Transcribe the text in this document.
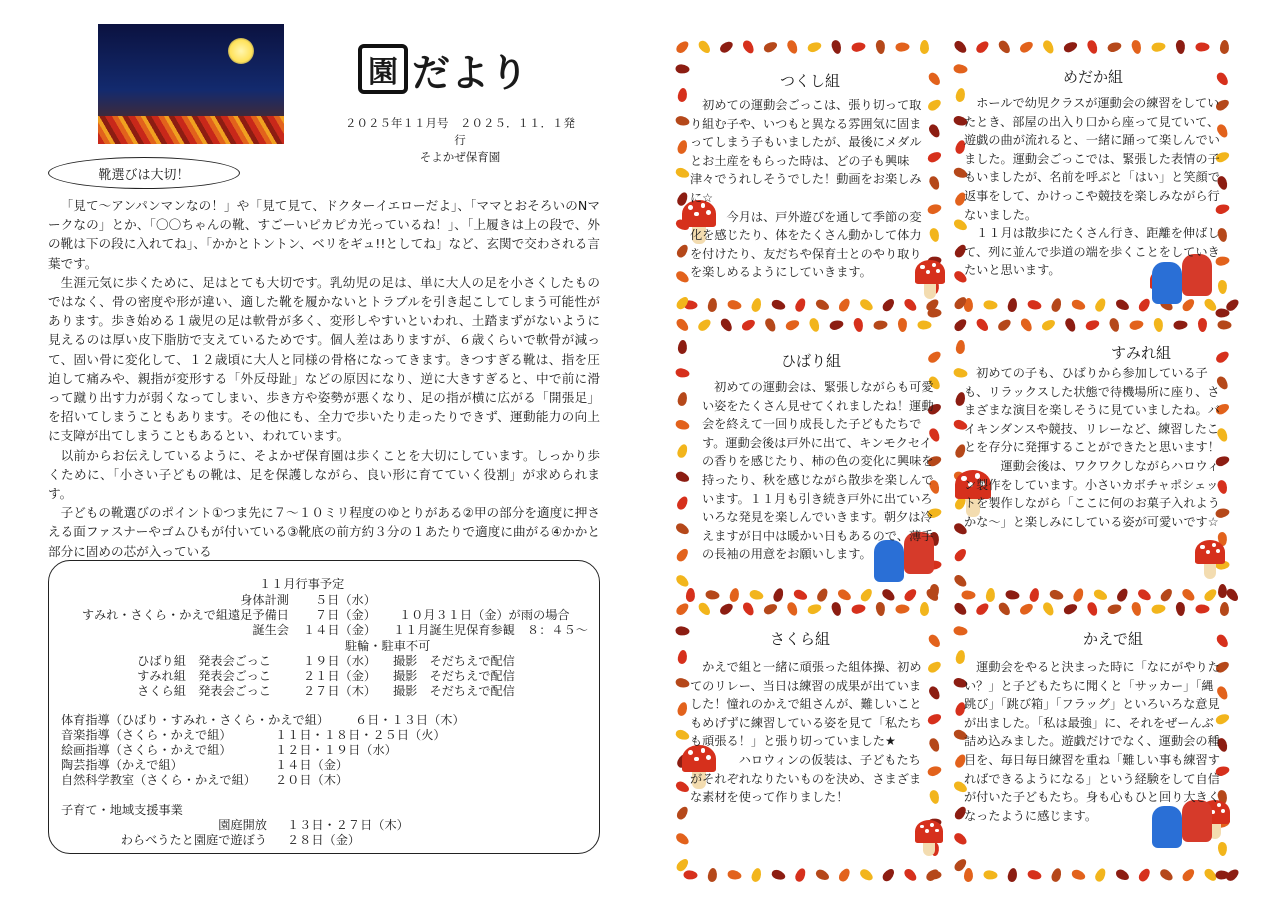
園 だより
２０２５年１１月号　２０２５．１１．１発行
そよかぜ保育園
靴選びは大切！

「見て～アンパンマンなの！」や「見て見て、ドクターイエローだよ」、「ママとおそろいのNマークなの」とか、「〇〇ちゃんの靴、すごーいピカピカ光っているね！」、「上履きは上の段で、外の靴は下の段に入れてね」、「かかとトントン、ベリをギュ!!としてね」など、玄関で交わされる言葉です。

生涯元気に歩くために、足はとても大切です。乳幼児の足は、単に大人の足を小さくしたものではなく、骨の密度や形が違い、適した靴を履かないとトラブルを引き起こしてしまう可能性があります。歩き始める１歳児の足は軟骨が多く、変形しやすいといわれ、土踏まずがないように見えるのは厚い皮下脂肪で支えているためです。個人差はありますが、６歳くらいで軟骨が減って、固い骨に変化して、１２歳頃に大人と同様の骨格になってきます。きつすぎる靴は、指を圧迫して痛みや、親指が変形する「外反母趾」などの原因になり、逆に大きすぎると、中で前に滑って蹴り出す力が弱くなってしまい、歩き方や姿勢が悪くなり、足の指が横に広がる「開張足」を招いてしまうこともあります。その他にも、全力で歩いたり走ったりできず、運動能力の向上に支障が出てしまうこともあるとい、われています。

以前からお伝えしているように、そよかぜ保育園は歩くことを大切にしています。しっかり歩くために、「小さい子どもの靴は、足を保護しながら、良い形に育てていく役割」が求められます。

子どもの靴選びのポイント①つま先に７～１０ミリ程度のゆとりがある②甲の部分を適度に押さえる面ファスナーやゴムひもが付いている③靴底の前方約３分の１あたりで適度に曲がる④かかと部分に固めの芯が入っている

１１月行事予定
身体計測 ５日（水）
すみれ・さくら・かえで組遠足予備日 ７日（金） １０月３１日（金）が雨の場合
誕生会 １４日（金） １１月誕生児保育参観　８：４５～
駐輪・駐車不可
ひばり組　発表会ごっこ	１９日（水） 撮影　そだちえで配信
すみれ組　発表会ごっこ	２１日（金） 撮影　そだちえで配信
さくら組　発表会ごっこ	２７日（木） 撮影　そだちえで配信
体育指導（ひばり・すみれ・さくら・かえで組） ６日・１３日（木）
音楽指導（さくら・かえで組）	１１日・１８日・２５日（火）
絵画指導（さくら・かえで組）	１２日・１９日（水）
陶芸指導（かえで組）	１４日（金）
自然科学教室（さくら・かえで組） ２０日（木）
子育て・地域支援事業
園庭開放 １３日・２７日（木）
わらべうたと園庭で遊ぼう ２８日（金）
つくし組

　初めての運動会ごっこは、張り切って取り組む子や、いつもと異なる雰囲気に固まってしまう子もいましたが、最後にメダルとお土産をもらった時は、どの子も興味津々でうれしそうでした！動画をお楽しみに☆

　　　今月は、戸外遊びを通して季節の変化を感じたり、体をたくさん動かして体力を付けたり、友だちや保育士とのやり取りを楽しめるようにしていきます。

めだか組

　ホールで幼児クラスが運動会の練習をしていたとき、部屋の出入り口から座って見ていて、遊戯の曲が流れると、一緒に踊って楽しんでいました。運動会ごっこでは、緊張した表情の子もいましたが、名前を呼ぶと「はい」と笑顔で返事をして、かけっこや競技を楽しみながら行ないました。

　１１月は散歩にたくさん行き、距離を伸ばして、列に並んで歩道の端を歩くことをしていきたいと思います。

ひばり組

　初めての運動会は、緊張しながらも可愛い姿をたくさん見せてくれましたね！運動会を終えて一回り成長した子どもたちです。運動会後は戸外に出て、キンモクセイの香りを感じたり、柿の色の変化に興味を持ったり、秋を感じながら散歩を楽しんでいます。１１月も引き続き戸外に出ていろいろな発見を楽しんでいきます。朝夕は冷えますが日中は暖かい日もあるので、薄手の長袖の用意をお願いします。

すみれ組

　初めての子も、ひばりから参加している子も、リラックスした状態で待機場所に座り、さまざまな演目を楽しそうに見ていましたね。バイキンダンスや競技、リレーなど、練習したことを存分に発揮することができたと思います！

　　　運動会後は、ワクワクしながらハロウィン製作をしています。小さいカボチャポシェットを製作しながら「ここに何のお菓子入れようかな～」と楽しみにしている姿が可愛いです☆

さくら組

　かえで組と一緒に頑張った組体操、初めてのリレー、当日は練習の成果が出ていました！憧れのかえで組さんが、難しいこともめげずに練習している姿を見て「私たちも頑張る！」と張り切っていました★

　　　　ハロウィンの仮装は、子どもたちがそれぞれなりたいものを決め、さまざまな素材を使って作りました！

かえで組

　運動会をやると決まった時に「なにがやりたい？」と子どもたちに聞くと「サッカー」「縄跳び」「跳び箱」「フラッグ」といろいろな意見が出ました。「私は最強」に、それをぜーんぶ詰め込みました。遊戯だけでなく、運動会の種目を、毎日毎日練習を重ね「難しい事も練習すればできるようになる」という経験をして自信が付いた子どもたち。身も心もひと回り大きくなったように感じます。
